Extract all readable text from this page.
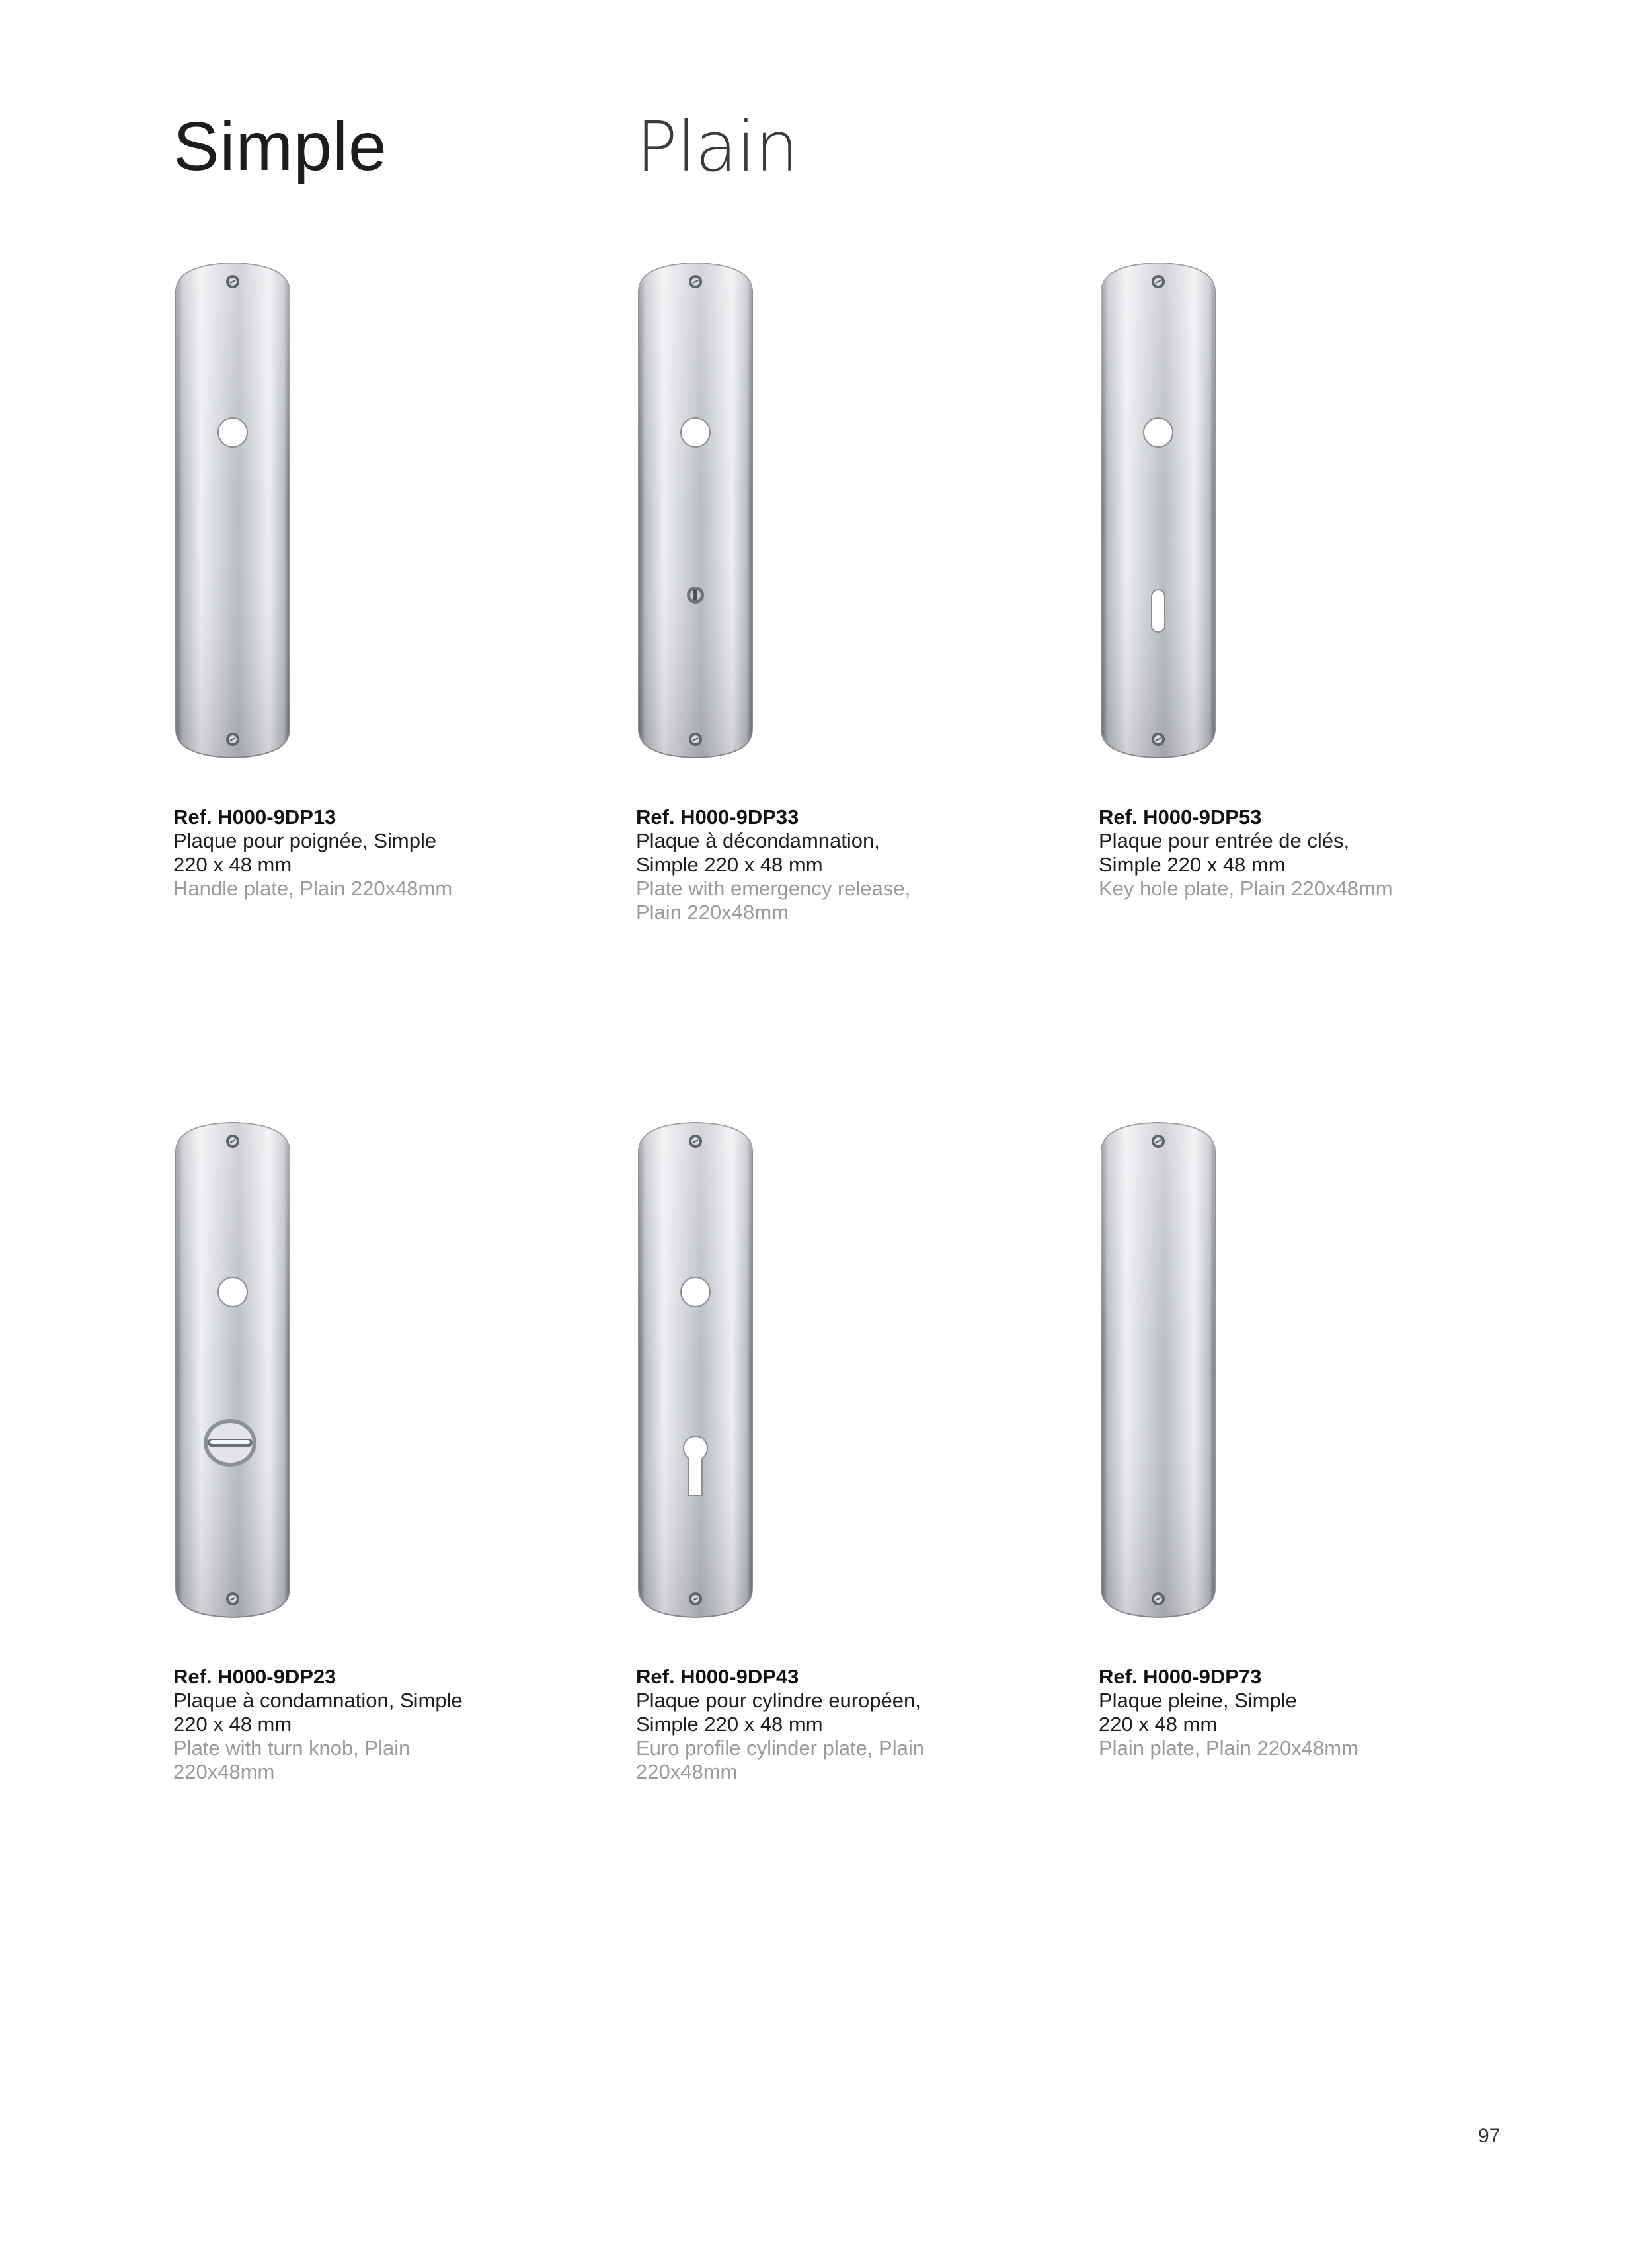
Simple	Plain
Ref. H000-9DP13
Plaque pour poignée, Simple
220 x 48 mm
Handle plate, Plain 220x48mm
Ref. H000-9DP33
Plaque à décondamnation,
Simple 220 x 48 mm
Plate with emergency release,
Plain 220x48mm
Ref. H000-9DP53
Plaque pour entrée de clés,
Simple 220 x 48 mm
Key hole plate, Plain 220x48mm
Ref. H000-9DP23
Plaque à condamnation, Simple
220 x 48 mm
Plate with turn knob, Plain
220x48mm
Ref. H000-9DP43
Plaque pour cylindre européen,
Simple 220 x 48 mm
Euro profile cylinder plate, Plain
220x48mm
Ref. H000-9DP73
Plaque pleine, Simple
220 x 48 mm
Plain plate, Plain 220x48mm
97
